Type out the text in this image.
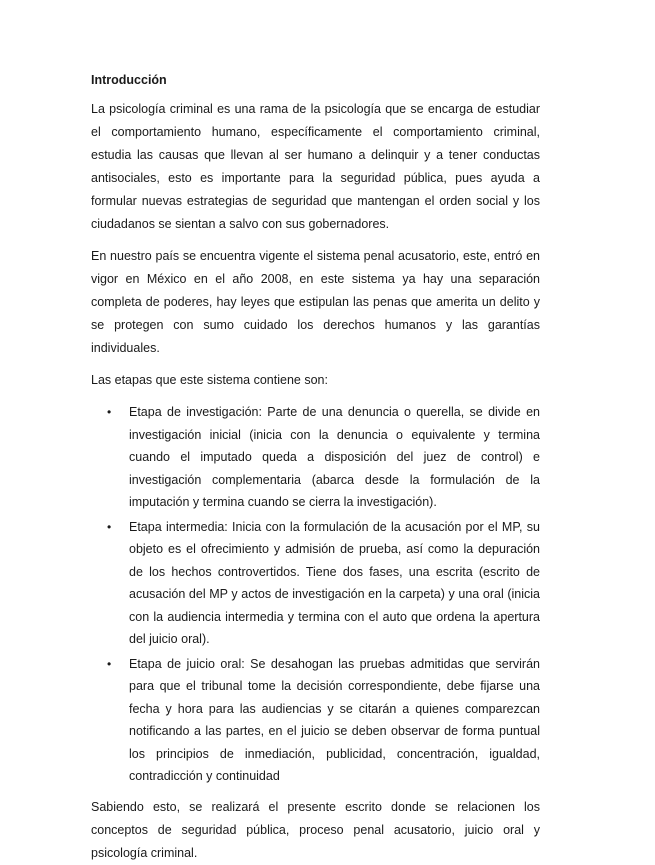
Introducción

La psicología criminal es una rama de la psicología que se encarga de estudiar el comportamiento humano, específicamente el comportamiento criminal, estudia las causas que llevan al ser humano a delinquir y a tener conductas antisociales, esto es importante para la seguridad pública, pues ayuda a formular nuevas estrategias de seguridad que mantengan el orden social y los ciudadanos se sientan a salvo con sus gobernadores.

En nuestro país se encuentra vigente el sistema penal acusatorio, este, entró en vigor en México en el año 2008, en este sistema ya hay una separación completa de poderes, hay leyes que estipulan las penas que amerita un delito y se protegen con sumo cuidado los derechos humanos y las garantías individuales.

Las etapas que este sistema contiene son:

• Etapa de investigación: Parte de una denuncia o querella, se divide en investigación inicial (inicia con la denuncia o equivalente y termina cuando el imputado queda a disposición del juez de control) e investigación complementaria (abarca desde la formulación de la imputación y termina cuando se cierra la investigación).
• Etapa intermedia: Inicia con la formulación de la acusación por el MP, su objeto es el ofrecimiento y admisión de prueba, así como la depuración de los hechos controvertidos. Tiene dos fases, una escrita (escrito de acusación del MP y actos de investigación en la carpeta) y una oral (inicia con la audiencia intermedia y termina con el auto que ordena la apertura del juicio oral).
• Etapa de juicio oral: Se desahogan las pruebas admitidas que servirán para que el tribunal tome la decisión correspondiente, debe fijarse una fecha y hora para las audiencias y se citarán a quienes comparezcan notificando a las partes, en el juicio se deben observar de forma puntual los principios de inmediación, publicidad, concentración, igualdad, contradicción y continuidad

Sabiendo esto, se realizará el presente escrito donde se relacionen los conceptos de seguridad pública, proceso penal acusatorio, juicio oral y psicología criminal.
